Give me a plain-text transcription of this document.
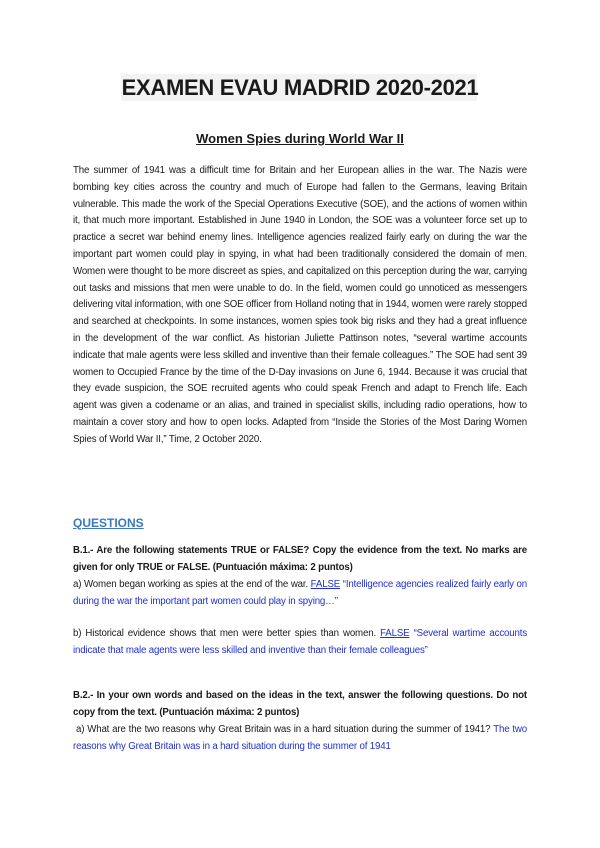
EXAMEN EVAU MADRID 2020-2021
Women Spies during World War II
The summer of 1941 was a difficult time for Britain and her European allies in the war. The Nazis were bombing key cities across the country and much of Europe had fallen to the Germans, leaving Britain vulnerable. This made the work of the Special Operations Executive (SOE), and the actions of women within it, that much more important. Established in June 1940 in London, the SOE was a volunteer force set up to practice a secret war behind enemy lines. Intelligence agencies realized fairly early on during the war the important part women could play in spying, in what had been traditionally considered the domain of men. Women were thought to be more discreet as spies, and capitalized on this perception during the war, carrying out tasks and missions that men were unable to do. In the field, women could go unnoticed as messengers delivering vital information, with one SOE officer from Holland noting that in 1944, women were rarely stopped and searched at checkpoints. In some instances, women spies took big risks and they had a great influence in the development of the war conflict. As historian Juliette Pattinson notes, “several wartime accounts indicate that male agents were less skilled and inventive than their female colleagues.” The SOE had sent 39 women to Occupied France by the time of the D-Day invasions on June 6, 1944. Because it was crucial that they evade suspicion, the SOE recruited agents who could speak French and adapt to French life. Each agent was given a codename or an alias, and trained in specialist skills, including radio operations, how to maintain a cover story and how to open locks. Adapted from “Inside the Stories of the Most Daring Women Spies of World War II,” Time, 2 October 2020.
QUESTIONS
B.1.- Are the following statements TRUE or FALSE? Copy the evidence from the text. No marks are given for only TRUE or FALSE. (Puntuación máxima: 2 puntos)
a) Women began working as spies at the end of the war. FALSE “Intelligence agencies realized fairly early on during the war the important part women could play in spying…”
b) Historical evidence shows that men were better spies than women. FALSE “Several wartime accounts indicate that male agents were less skilled and inventive than their female colleagues”
B.2.- In your own words and based on the ideas in the text, answer the following questions. Do not copy from the text. (Puntuación máxima: 2 puntos)
a) What are the two reasons why Great Britain was in a hard situation during the summer of 1941? The two reasons why Great Britain was in a hard situation during the summer of 1941
